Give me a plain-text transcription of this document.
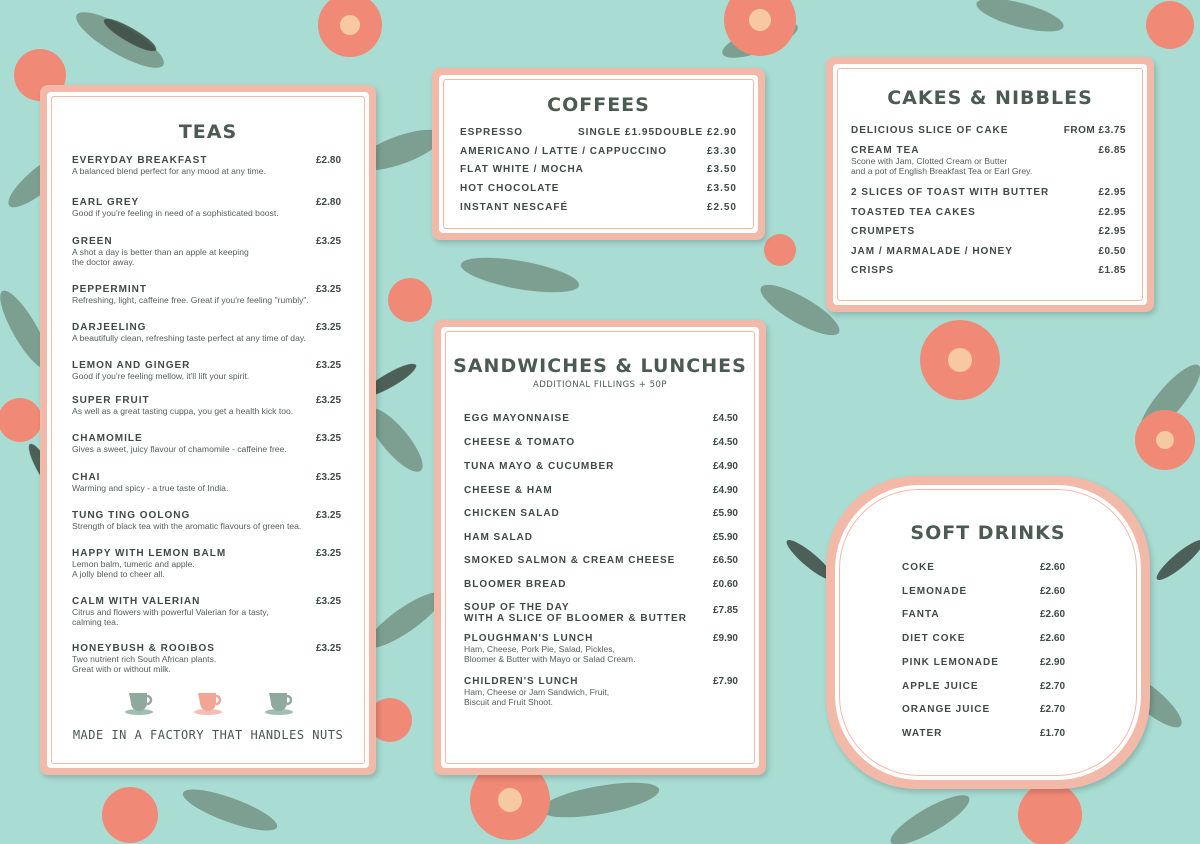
TEAS
EVERYDAY BREAKFAST	£2.80
A balanced blend perfect for any mood at any time.
EARL GREY	£2.80
Good if you're feeling in need of a sophisticated boost.
GREEN	£3.25
A shot a day is better than an apple at keeping
the doctor away.
PEPPERMINT	£3.25
Refreshing, light, caffeine free. Great if you're feeling "rumbly".
DARJEELING	£3.25
A beautifully clean, refreshing taste perfect at any time of day.
LEMON AND GINGER	£3.25
Good if you're feeling mellow, it'll lift your spirit.
SUPER FRUIT	£3.25
As well as a great tasting cuppa, you get a health kick too.
CHAMOMILE	£3.25
Gives a sweet, juicy flavour of chamomile - caffeine free.
CHAI	£3.25
Warming and spicy - a true taste of India.
TUNG TING OOLONG	£3.25
Strength of black tea with the aromatic flavours of green tea.
HAPPY WITH LEMON BALM	£3.25
Lemon balm, tumeric and apple.
A jolly blend to cheer all.
CALM WITH VALERIAN	£3.25
Citrus and flowers with powerful Valerian for a tasty,
calming tea.
HONEYBUSH & ROOIBOS	£3.25
Two nutrient rich South African plants.
Great with or without milk.
MADE IN A FACTORY THAT HANDLES NUTS
COFFEES
ESPRESSO	SINGLE £1.95 DOUBLE £2.90
AMERICANO / LATTE / CAPPUCCINO	£3.30
FLAT WHITE / MOCHA	£3.50
HOT CHOCOLATE	£3.50
INSTANT NESCAFÉ	£2.50
CAKES & NIBBLES
DELICIOUS SLICE OF CAKE	FROM £3.75
CREAM TEA	£6.85
Scone with Jam, Clotted Cream or Butter
and a pot of English Breakfast Tea or Earl Grey.
2 SLICES OF TOAST WITH BUTTER	£2.95
TOASTED TEA CAKES	£2.95
CRUMPETS	£2.95
JAM / MARMALADE / HONEY	£0.50
CRISPS	£1.85
SANDWICHES & LUNCHES
ADDITIONAL FILLINGS + 50P
EGG MAYONNAISE	£4.50
CHEESE & TOMATO	£4.50
TUNA MAYO & CUCUMBER	£4.90
CHEESE & HAM	£4.90
CHICKEN SALAD	£5.90
HAM SALAD	£5.90
SMOKED SALMON & CREAM CHEESE	£6.50
BLOOMER BREAD	£0.60
SOUP OF THE DAY	£7.85
WITH A SLICE OF BLOOMER & BUTTER
PLOUGHMAN'S LUNCH	£9.90
Ham, Cheese, Pork Pie, Salad, Pickles,
Bloomer & Butter with Mayo or Salad Cream.
CHILDREN'S LUNCH	£7.90
Ham, Cheese or Jam Sandwich, Fruit,
Biscuit and Fruit Shoot.
SOFT DRINKS
COKE	£2.60
LEMONADE	£2.60
FANTA	£2.60
DIET COKE	£2.60
PINK LEMONADE	£2.90
APPLE JUICE	£2.70
ORANGE JUICE	£2.70
WATER	£1.70
